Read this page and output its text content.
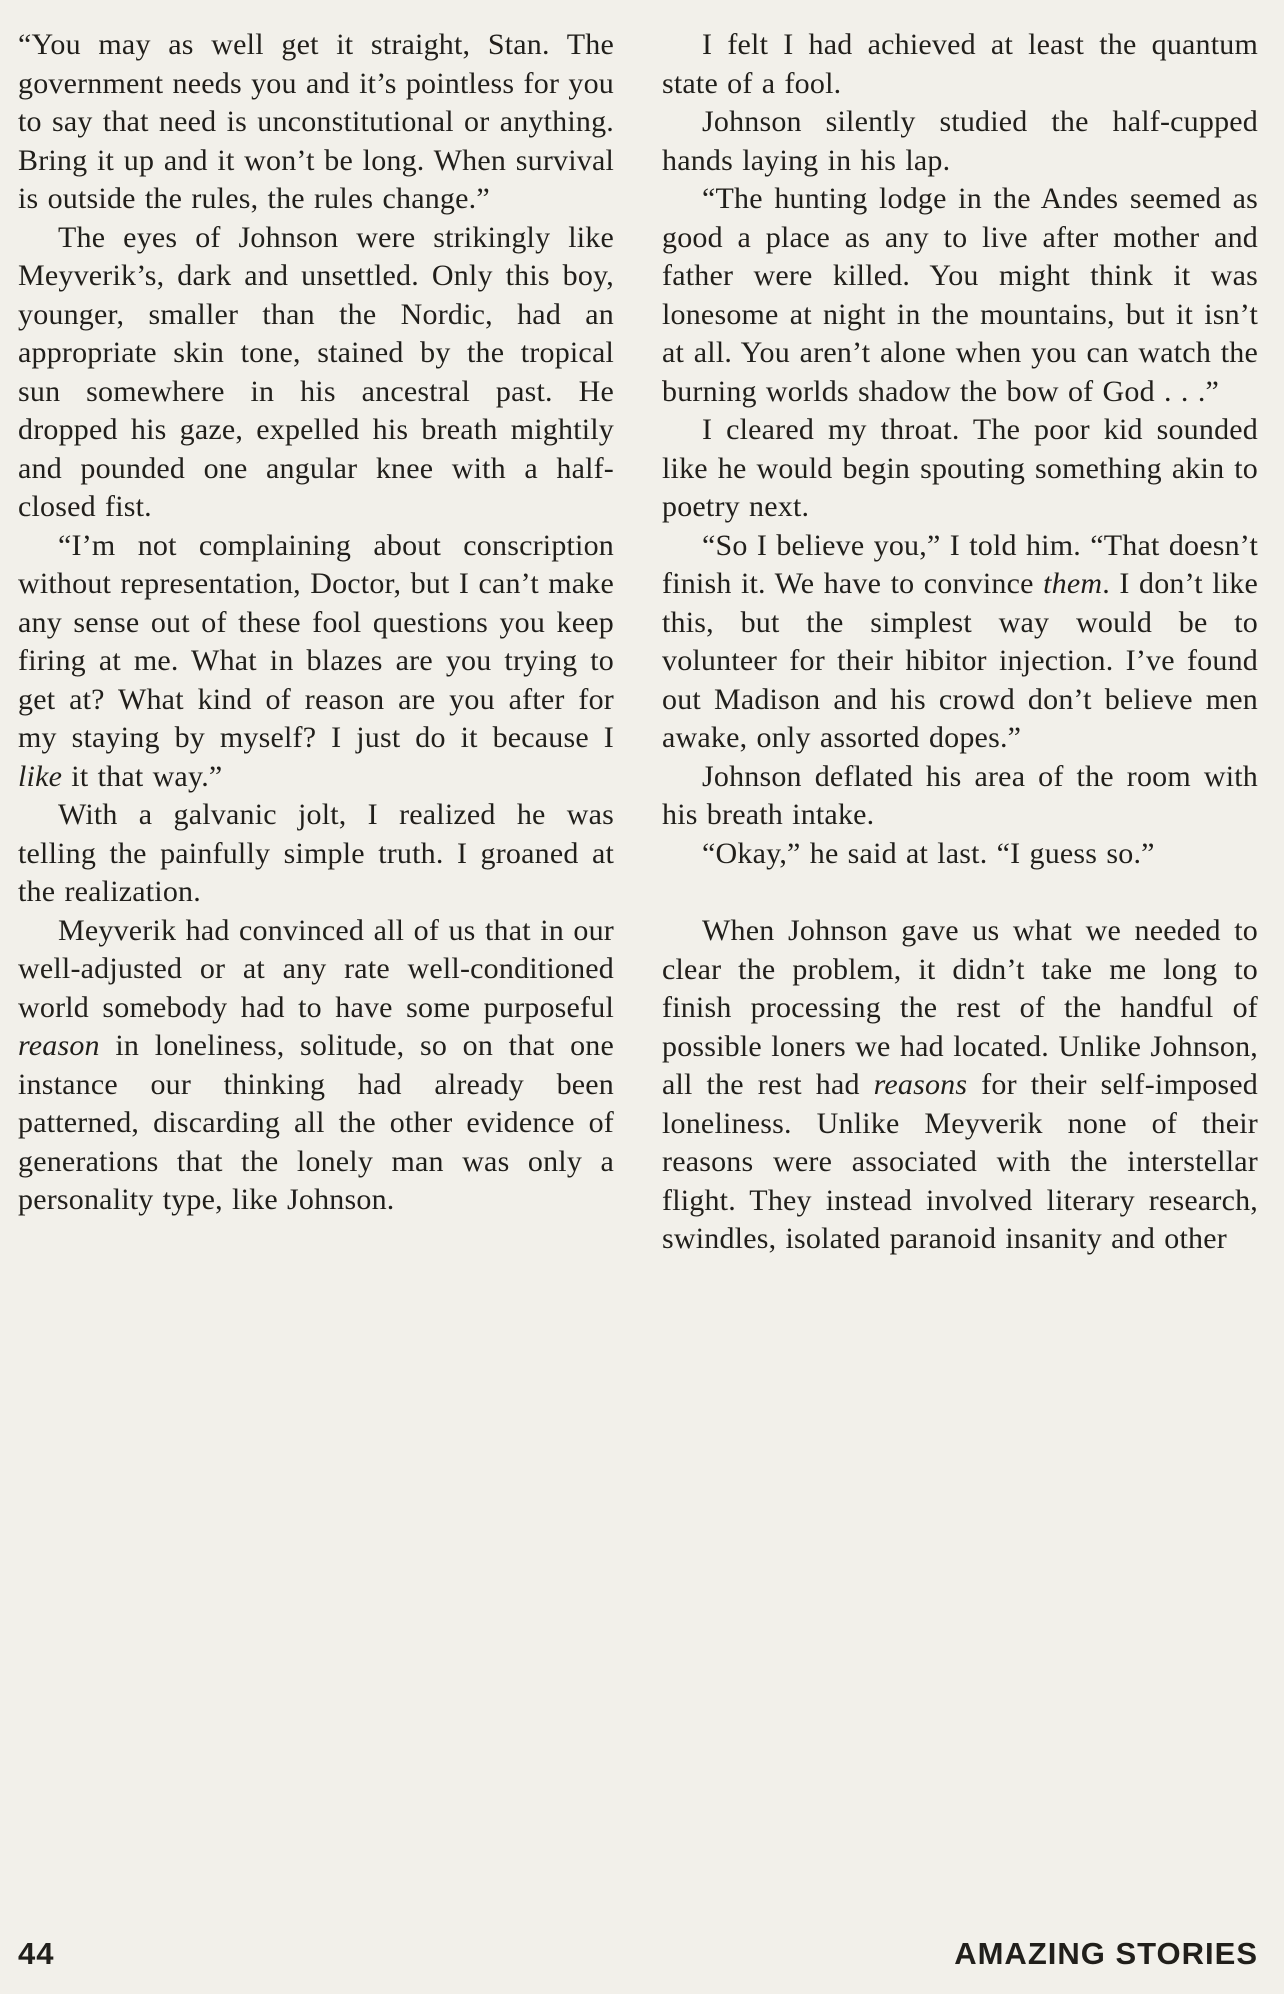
“You may as well get it straight, Stan. The government needs you and it’s pointless for you to say that need is unconstitutional or anything. Bring it up and it won’t be long. When survival is outside the rules, the rules change.”

The eyes of Johnson were strikingly like Meyverik’s, dark and unsettled. Only this boy, younger, smaller than the Nordic, had an appropriate skin tone, stained by the tropical sun somewhere in his ancestral past. He dropped his gaze, expelled his breath mightily and pounded one angular knee with a half-closed fist.

“I’m not complaining about conscription without representation, Doctor, but I can’t make any sense out of these fool questions you keep firing at me. What in blazes are you trying to get at? What kind of reason are you after for my staying by myself? I just do it because I like it that way.”

With a galvanic jolt, I realized he was telling the painfully simple truth. I groaned at the realization.

Meyverik had convinced all of us that in our well-adjusted or at any rate well-conditioned world somebody had to have some purposeful reason in loneliness, solitude, so on that one instance our thinking had already been patterned, discarding all the other evidence of generations that the lonely man was only a personality type, like Johnson.

I felt I had achieved at least the quantum state of a fool.

Johnson silently studied the half-cupped hands laying in his lap.

“The hunting lodge in the Andes seemed as good a place as any to live after mother and father were killed. You might think it was lonesome at night in the mountains, but it isn’t at all. You aren’t alone when you can watch the burning worlds shadow the bow of God . . .”

I cleared my throat. The poor kid sounded like he would begin spouting something akin to poetry next.

“So I believe you,” I told him. “That doesn’t finish it. We have to convince them. I don’t like this, but the simplest way would be to volunteer for their hibitor injection. I’ve found out Madison and his crowd don’t believe men awake, only assorted dopes.”

Johnson deflated his area of the room with his breath intake.

“Okay,” he said at last. “I guess so.”

When Johnson gave us what we needed to clear the problem, it didn’t take me long to finish processing the rest of the handful of possible loners we had located. Unlike Johnson, all the rest had reasons for their self-imposed loneliness. Unlike Meyverik none of their reasons were associated with the interstellar flight. They instead involved literary research, swindles, isolated paranoid insanity and other

44	AMAZING STORIES
